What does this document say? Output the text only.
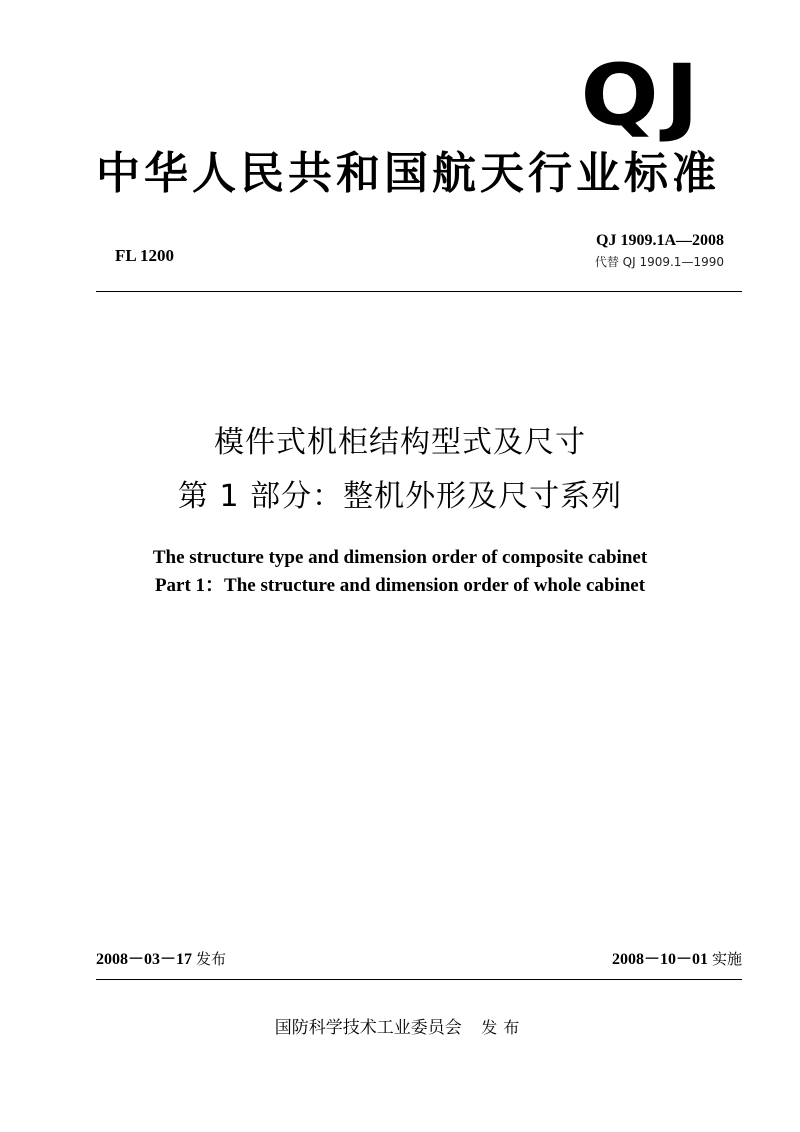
QJ
中华人民共和国航天行业标准
FL 1200
QJ 1909.1A—2008
代替 QJ 1909.1—1990
模件式机柜结构型式及尺寸
第 1 部分：整机外形及尺寸系列
The structure type and dimension order of composite cabinet
Part 1：The structure and dimension order of whole cabinet
2008－03－17 发布	2008－10－01 实施
国防科学技术工业委员会 发布
